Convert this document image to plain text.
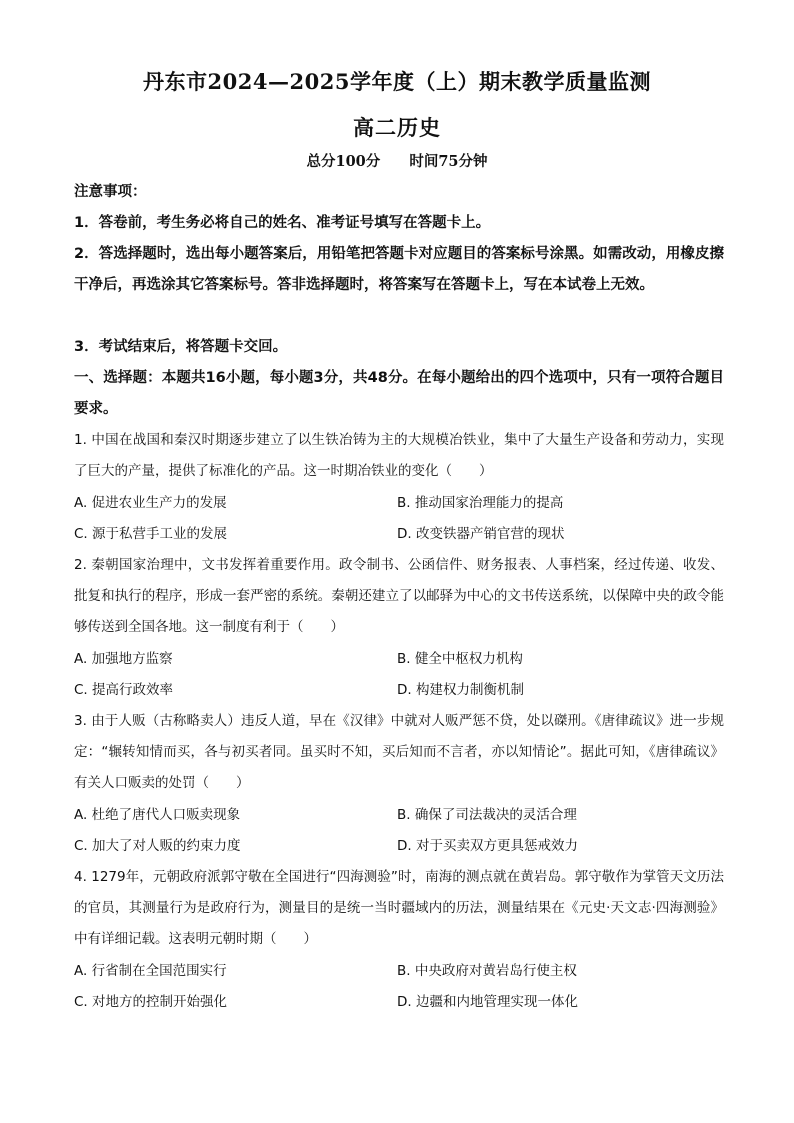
丹东市2024—2025学年度（上）期末教学质量监测
高二历史
总分100分 时间75分钟
注意事项：
1．答卷前，考生务必将自己的姓名、准考证号填写在答题卡上。
2．答选择题时，选出每小题答案后，用铅笔把答题卡对应题目的答案标号涂黑。如需改动，用橡皮擦干净后，再选涂其它答案标号。答非选择题时，将答案写在答题卡上，写在本试卷上无效。
3．考试结束后，将答题卡交回。
一、选择题：本题共16小题，每小题3分，共48分。在每小题给出的四个选项中，只有一项符合题目要求。
1. 中国在战国和秦汉时期逐步建立了以生铁冶铸为主的大规模冶铁业，集中了大量生产设备和劳动力，实现了巨大的产量，提供了标准化的产品。这一时期冶铁业的变化（　　）
A. 促进农业生产力的发展	B. 推动国家治理能力的提高
C. 源于私营手工业的发展	D. 改变铁器产销官营的现状
2. 秦朝国家治理中，文书发挥着重要作用。政令制书、公函信件、财务报表、人事档案，经过传递、收发、批复和执行的程序，形成一套严密的系统。秦朝还建立了以邮驿为中心的文书传送系统，以保障中央的政令能够传送到全国各地。这一制度有利于（　　）
A. 加强地方监察	B. 健全中枢权力机构
C. 提高行政效率	D. 构建权力制衡机制
3. 由于人贩（古称略卖人）违反人道，早在《汉律》中就对人贩严惩不贷，处以磔刑。《唐律疏议》进一步规定：“辗转知情而买，各与初买者同。虽买时不知，买后知而不言者，亦以知情论”。据此可知，《唐律疏议》有关人口贩卖的处罚（　　）
A. 杜绝了唐代人口贩卖现象	B. 确保了司法裁决的灵活合理
C. 加大了对人贩的约束力度	D. 对于买卖双方更具惩戒效力
4. 1279年，元朝政府派郭守敬在全国进行“四海测验”时，南海的测点就在黄岩岛。郭守敬作为掌管天文历法的官员，其测量行为是政府行为，测量目的是统一当时疆域内的历法，测量结果在《元史·天文志·四海测验》中有详细记载。这表明元朝时期（　　）
A. 行省制在全国范围实行	B. 中央政府对黄岩岛行使主权
C. 对地方的控制开始强化	D. 边疆和内地管理实现一体化
